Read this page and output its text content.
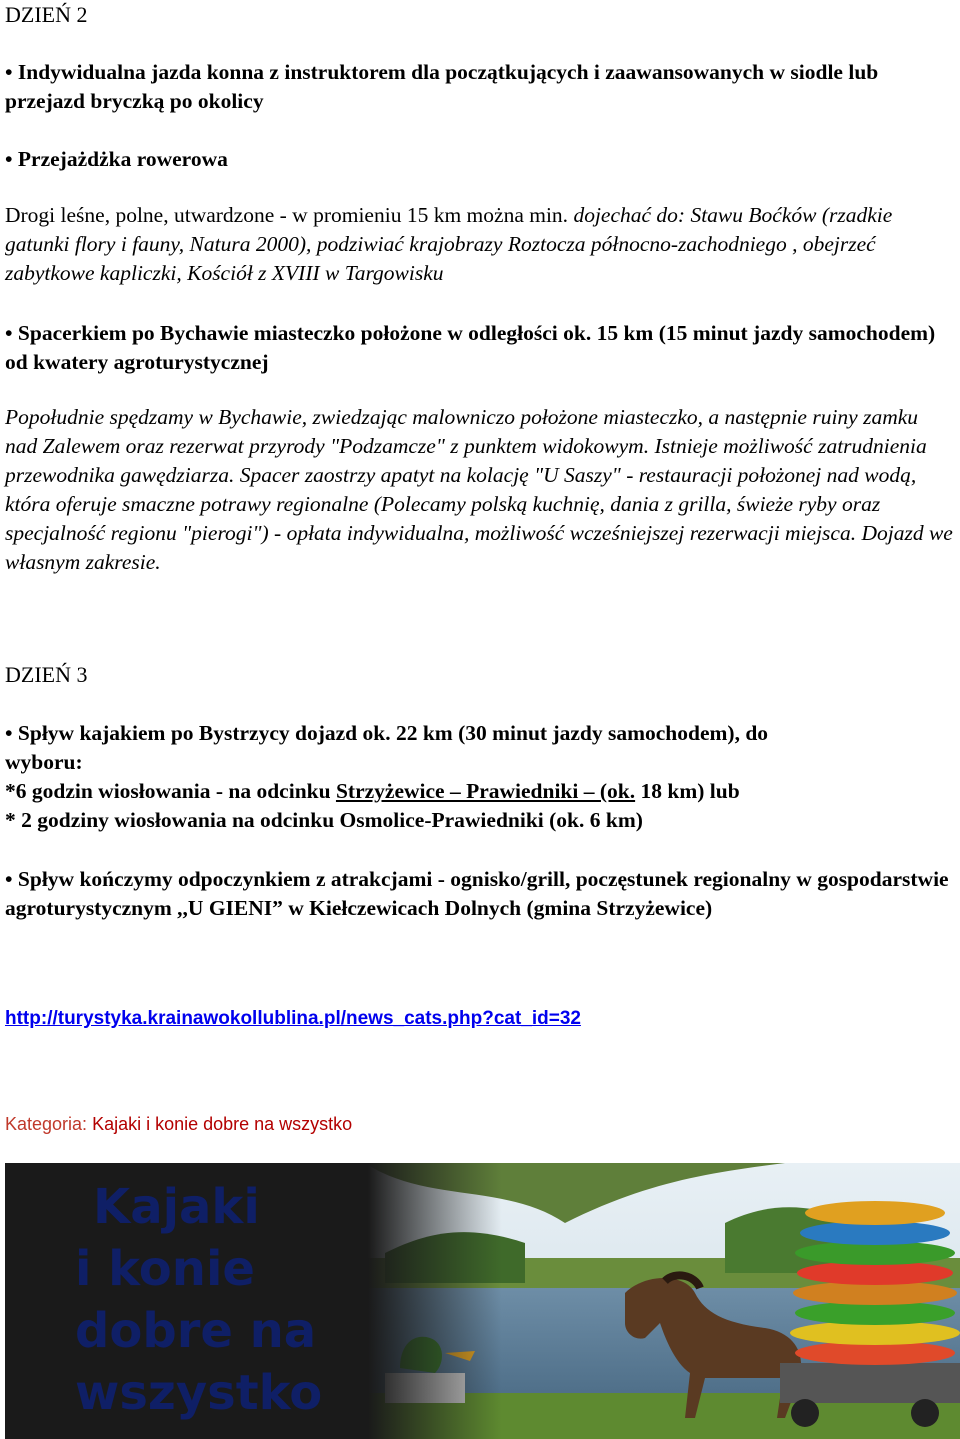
DZIEŃ 2

• Indywidualna jazda konna z instruktorem dla początkujących i zaawansowanych w siodle lub przejazd bryczką po okolicy

• Przejażdżka rowerowa

Drogi leśne, polne, utwardzone - w promieniu 15 km można min. dojechać do: Stawu Boćków (rzadkie gatunki flory i fauny, Natura 2000), podziwiać krajobrazy Roztocza północno-zachodniego , obejrzeć zabytkowe kapliczki, Kościół z XVIII w Targowisku

• Spacerkiem po Bychawie miasteczko położone w odległości ok. 15 km (15 minut jazdy samochodem) od kwatery agroturystycznej

Popołudnie spędzamy w Bychawie, zwiedzając malowniczo położone miasteczko, a następnie ruiny zamku nad Zalewem oraz rezerwat przyrody "Podzamcze" z punktem widokowym. Istnieje możliwość zatrudnienia przewodnika gawędziarza. Spacer zaostrzy apatyt na kolację "U Saszy" - restauracji położonej nad wodą, która oferuje smaczne potrawy regionalne (Polecamy polską kuchnię, dania z grilla, świeże ryby oraz specjalność regionu "pierogi") - opłata indywidualna, możliwość wcześniejszej rezerwacji miejsca. Dojazd we własnym zakresie.

DZIEŃ 3

• Spływ kajakiem po Bystrzycy dojazd ok. 22 km (30 minut jazdy samochodem), do
wyboru:
*6 godzin wiosłowania - na odcinku Strzyżewice – Prawiedniki – (ok. 18 km) lub
* 2 godziny wiosłowania na odcinku Osmolice-Prawiedniki (ok. 6 km)

• Spływ kończymy odpoczynkiem z atrakcjami - ognisko/grill, poczęstunek regionalny w gospodarstwie agroturystycznym ,,U GIENI” w Kiełczewicach Dolnych (gmina Strzyżewice)

http://turystyka.krainawokollublina.pl/news_cats.php?cat_id=32

Kategoria: Kajaki i konie dobre na wszystko

Kajaki
i konie
dobre na
wszystko
